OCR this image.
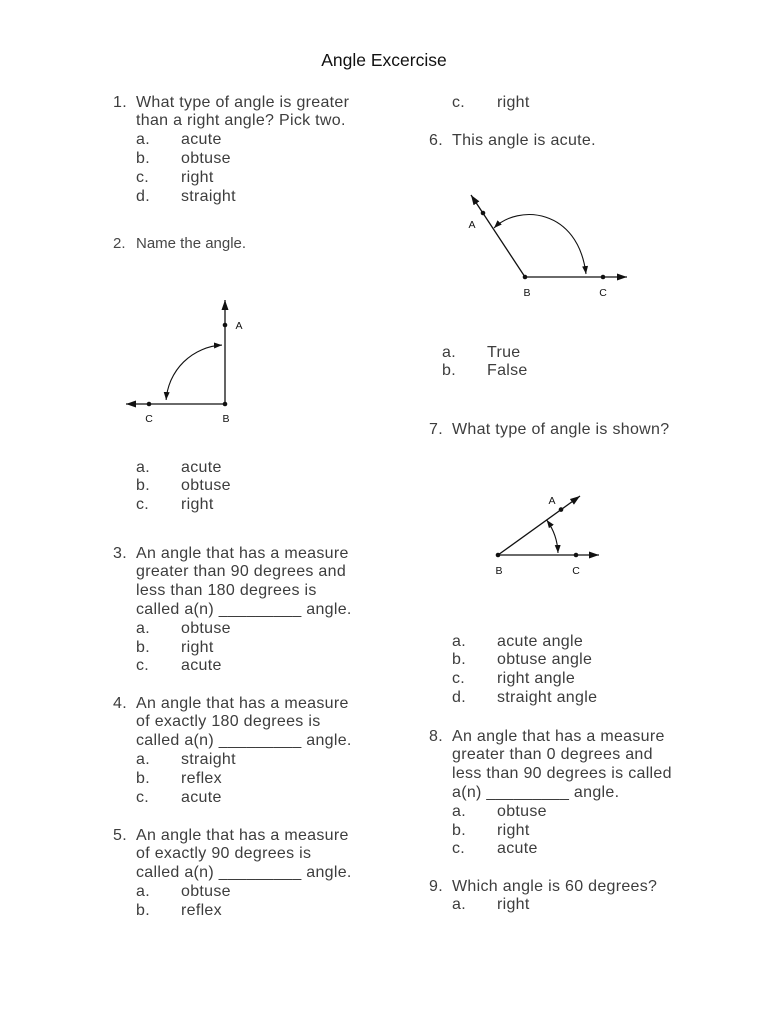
Angle Excercise
1. What type of angle is greater
than a right angle? Pick two.
a. acute
b. obtuse
c. right
d. straight
2. Name the angle.
A
B
C
a. acute
b. obtuse
c. right
3. An angle that has a measure
greater than 90 degrees and
less than 180 degrees is
called a(n) _________ angle.
a. obtuse
b. right
c. acute
4. An angle that has a measure
of exactly 180 degrees is
called a(n) _________ angle.
a. straight
b. reflex
c. acute
5. An angle that has a measure
of exactly 90 degrees is
called a(n) _________ angle.
a. obtuse
b. reflex
c. right
6. This angle is acute.
A
B	C
a. True
b. False
7. What type of angle is shown?
A
B	C
a. acute angle
b. obtuse angle
c. right angle
d. straight angle
8. An angle that has a measure
greater than 0 degrees and
less than 90 degrees is called
a(n) _________ angle.
a. obtuse
b. right
c. acute
9. Which angle is 60 degrees?
a. right
